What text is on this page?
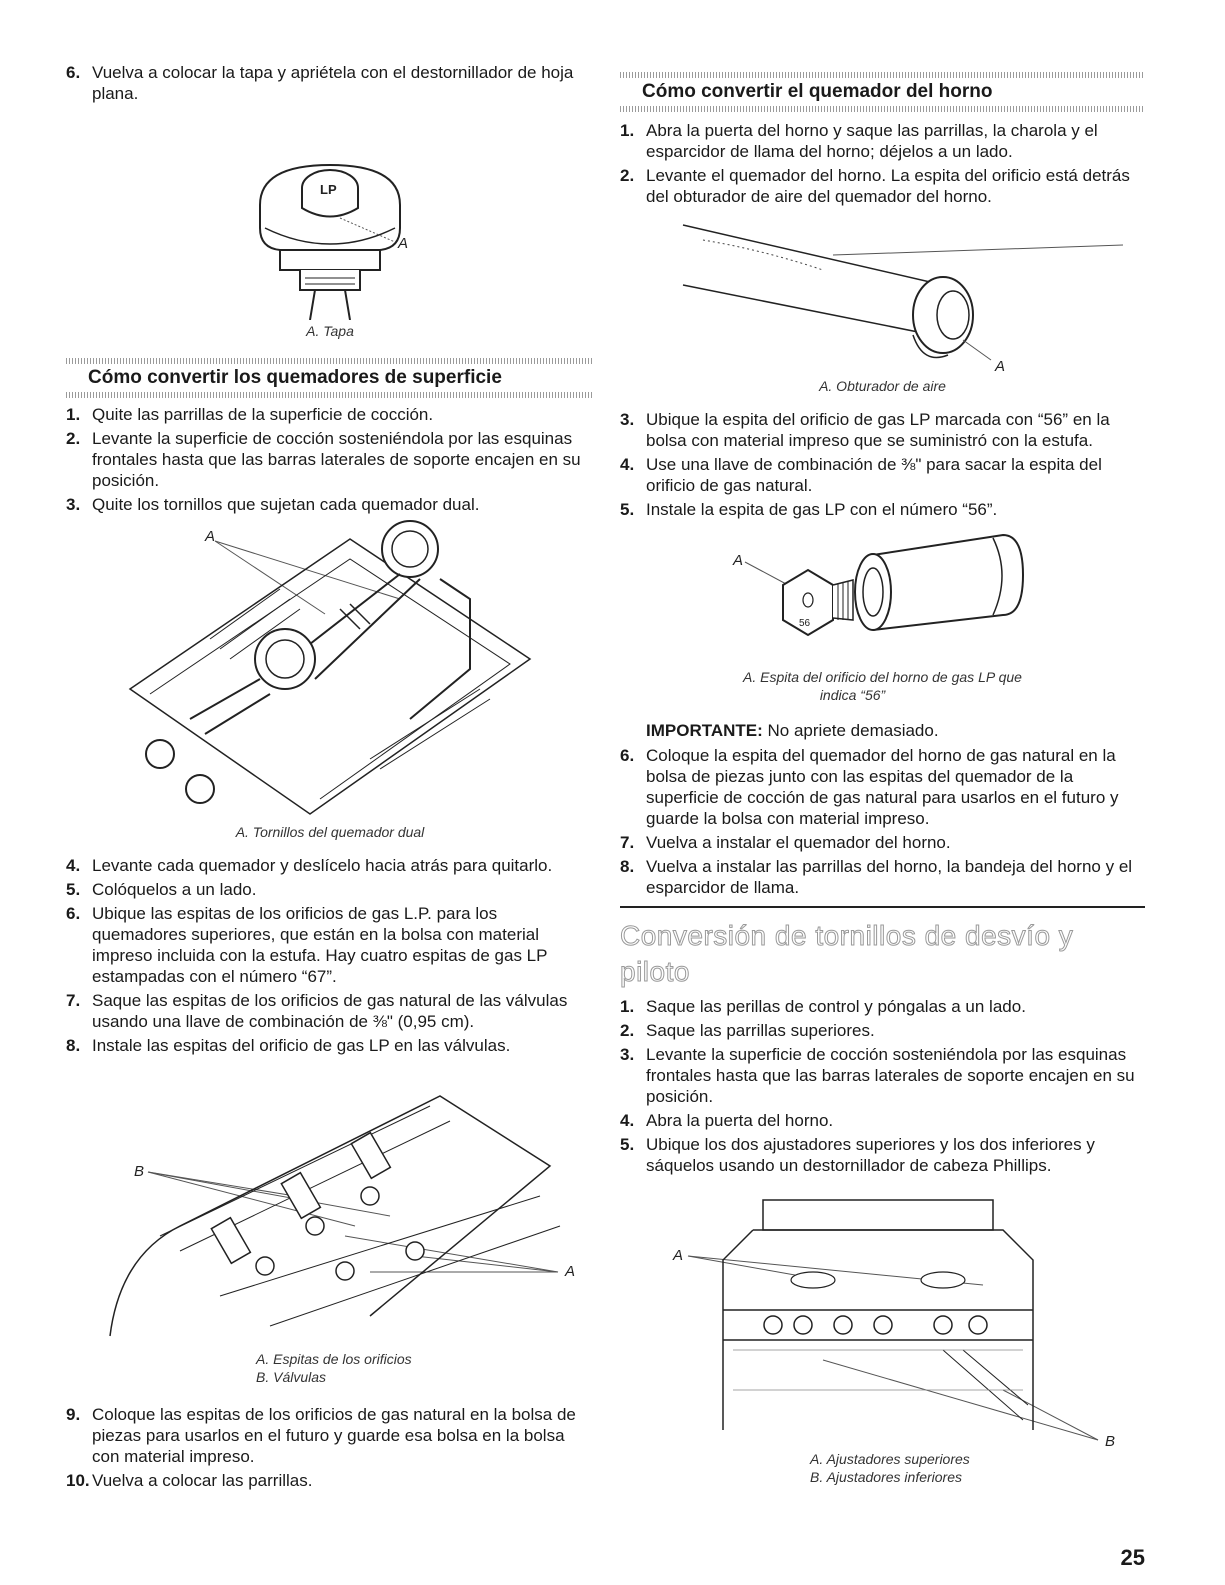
6. Vuelva a colocar la tapa y apriételа con el destornillador de hoja plana.
LP
A
A. Tapa
Cómo convertir los quemadores de superficie
1. Quite las parrillas de la superficie de cocción.
2. Levante la superficie de cocción sosteniéndola por las esquinas frontales hasta que las barras laterales de soporte encajen en su posición.
3. Quite los tornillos que sujetan cada quemador dual.
A
A. Tornillos del quemador dual
4. Levante cada quemador y deslícelo hacia atrás para quitarlo.
5. Colóquelos a un lado.
6. Ubique las espitas de los orificios de gas L.P. para los quemadores superiores, que están en la bolsa con material impreso incluida con la estufa. Hay cuatro espitas de gas LP estampadas con el número “67”.
7. Saque las espitas de los orificios de gas natural de las válvulas usando una llave de combinación de ⅜" (0,95 cm).
8. Instale las espitas del orificio de gas LP en las válvulas.
B
A
A. Espitas de los orificios
B. Válvulas
9. Coloque las espitas de los orificios de gas natural en la bolsa de piezas para usarlos en el futuro y guarde esa bolsa en la bolsa con material impreso.
10. Vuelva a colocar las parrillas.
Cómo convertir el quemador del horno
1. Abra la puerta del horno y saque las parrillas, la charola y el esparcidor de llama del horno; déjelos a un lado.
2. Levante el quemador del horno. La espita del orificio está detrás del obturador de aire del quemador del horno.
A
A. Obturador de aire
3. Ubique la espita del orificio de gas LP marcada con “56” en la bolsa con material impreso que se suministró con la estufa.
4. Use una llave de combinación de ⅜" para sacar la espita del orificio de gas natural.
5. Instale la espita de gas LP con el número “56”.
A
56
A. Espita del orificio del horno de gas LP que
indica “56”
IMPORTANTE: No apriete demasiado.
6. Coloque la espita del quemador del horno de gas natural en la bolsa de piezas junto con las espitas del quemador de la superficie de cocción de gas natural para usarlos en el futuro y guarde la bolsa con material impreso.
7. Vuelva a instalar el quemador del horno.
8. Vuelva a instalar las parrillas del horno, la bandeja del horno y el esparcidor de llama.
Conversión de tornillos de desvío y piloto
1. Saque las perillas de control y póngalas a un lado.
2. Saque las parrillas superiores.
3. Levante la superficie de cocción sosteniéndola por las esquinas frontales hasta que las barras laterales de soporte encajen en su posición.
4. Abra la puerta del horno.
5. Ubique los dos ajustadores superiores y los dos inferiores y sáquelos usando un destornillador de cabeza Phillips.
A
B
A. Ajustadores superiores
B. Ajustadores inferiores
25
